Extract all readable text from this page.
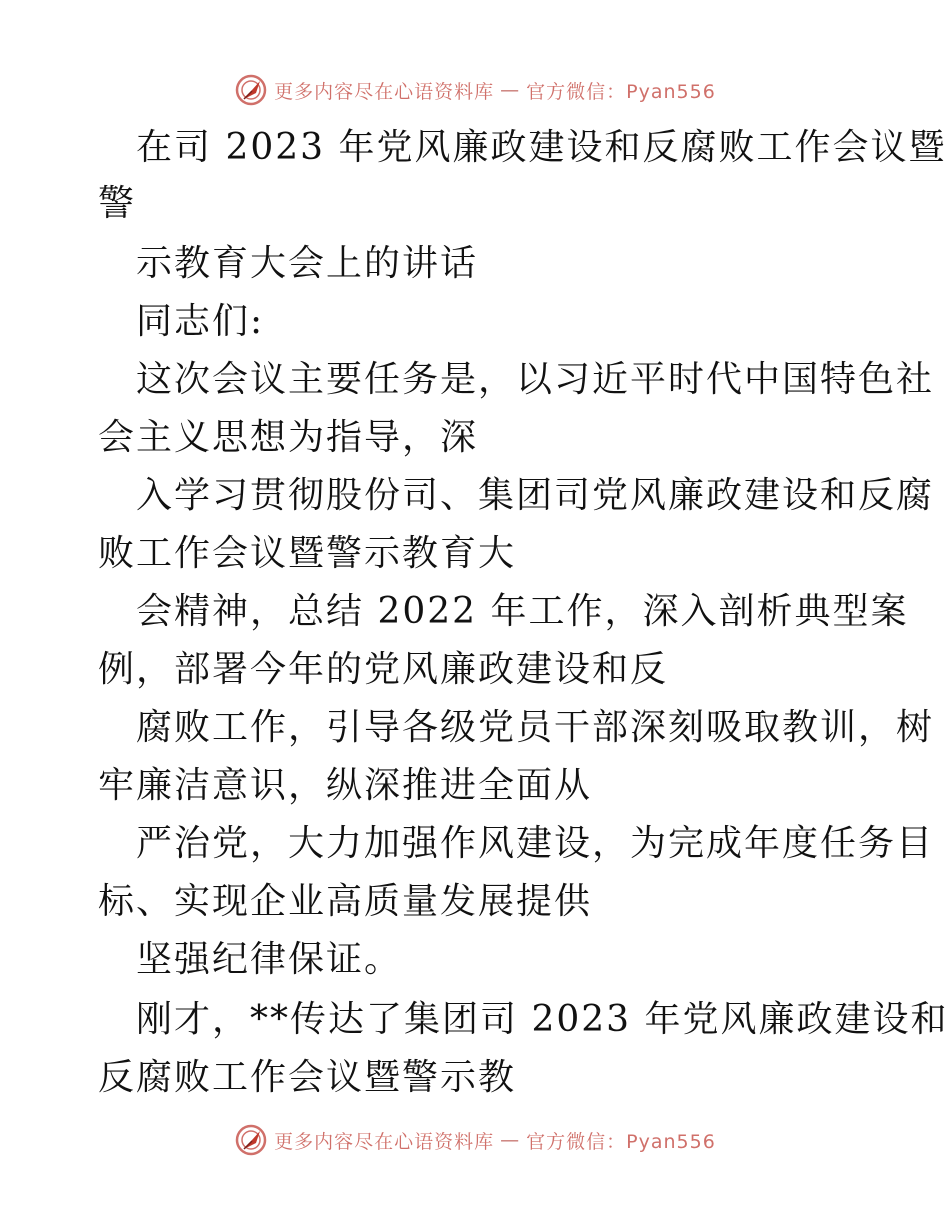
更多内容尽在心语资料库 — 官方微信：Pyan556
在司 2023 年党风廉政建设和反腐败工作会议暨
警
示教育大会上的讲话
同志们:
这次会议主要任务是，以习近平时代中国特色社
会主义思想为指导，深
入学习贯彻股份司、集团司党风廉政建设和反腐
败工作会议暨警示教育大
会精神，总结 2022 年工作，深入剖析典型案
例，部署今年的党风廉政建设和反
腐败工作，引导各级党员干部深刻吸取教训，树
牢廉洁意识，纵深推进全面从
严治党，大力加强作风建设，为完成年度任务目
标、实现企业高质量发展提供
坚强纪律保证。
刚才，**传达了集团司 2023 年党风廉政建设和
反腐败工作会议暨警示教
更多内容尽在心语资料库 — 官方微信：Pyan556
